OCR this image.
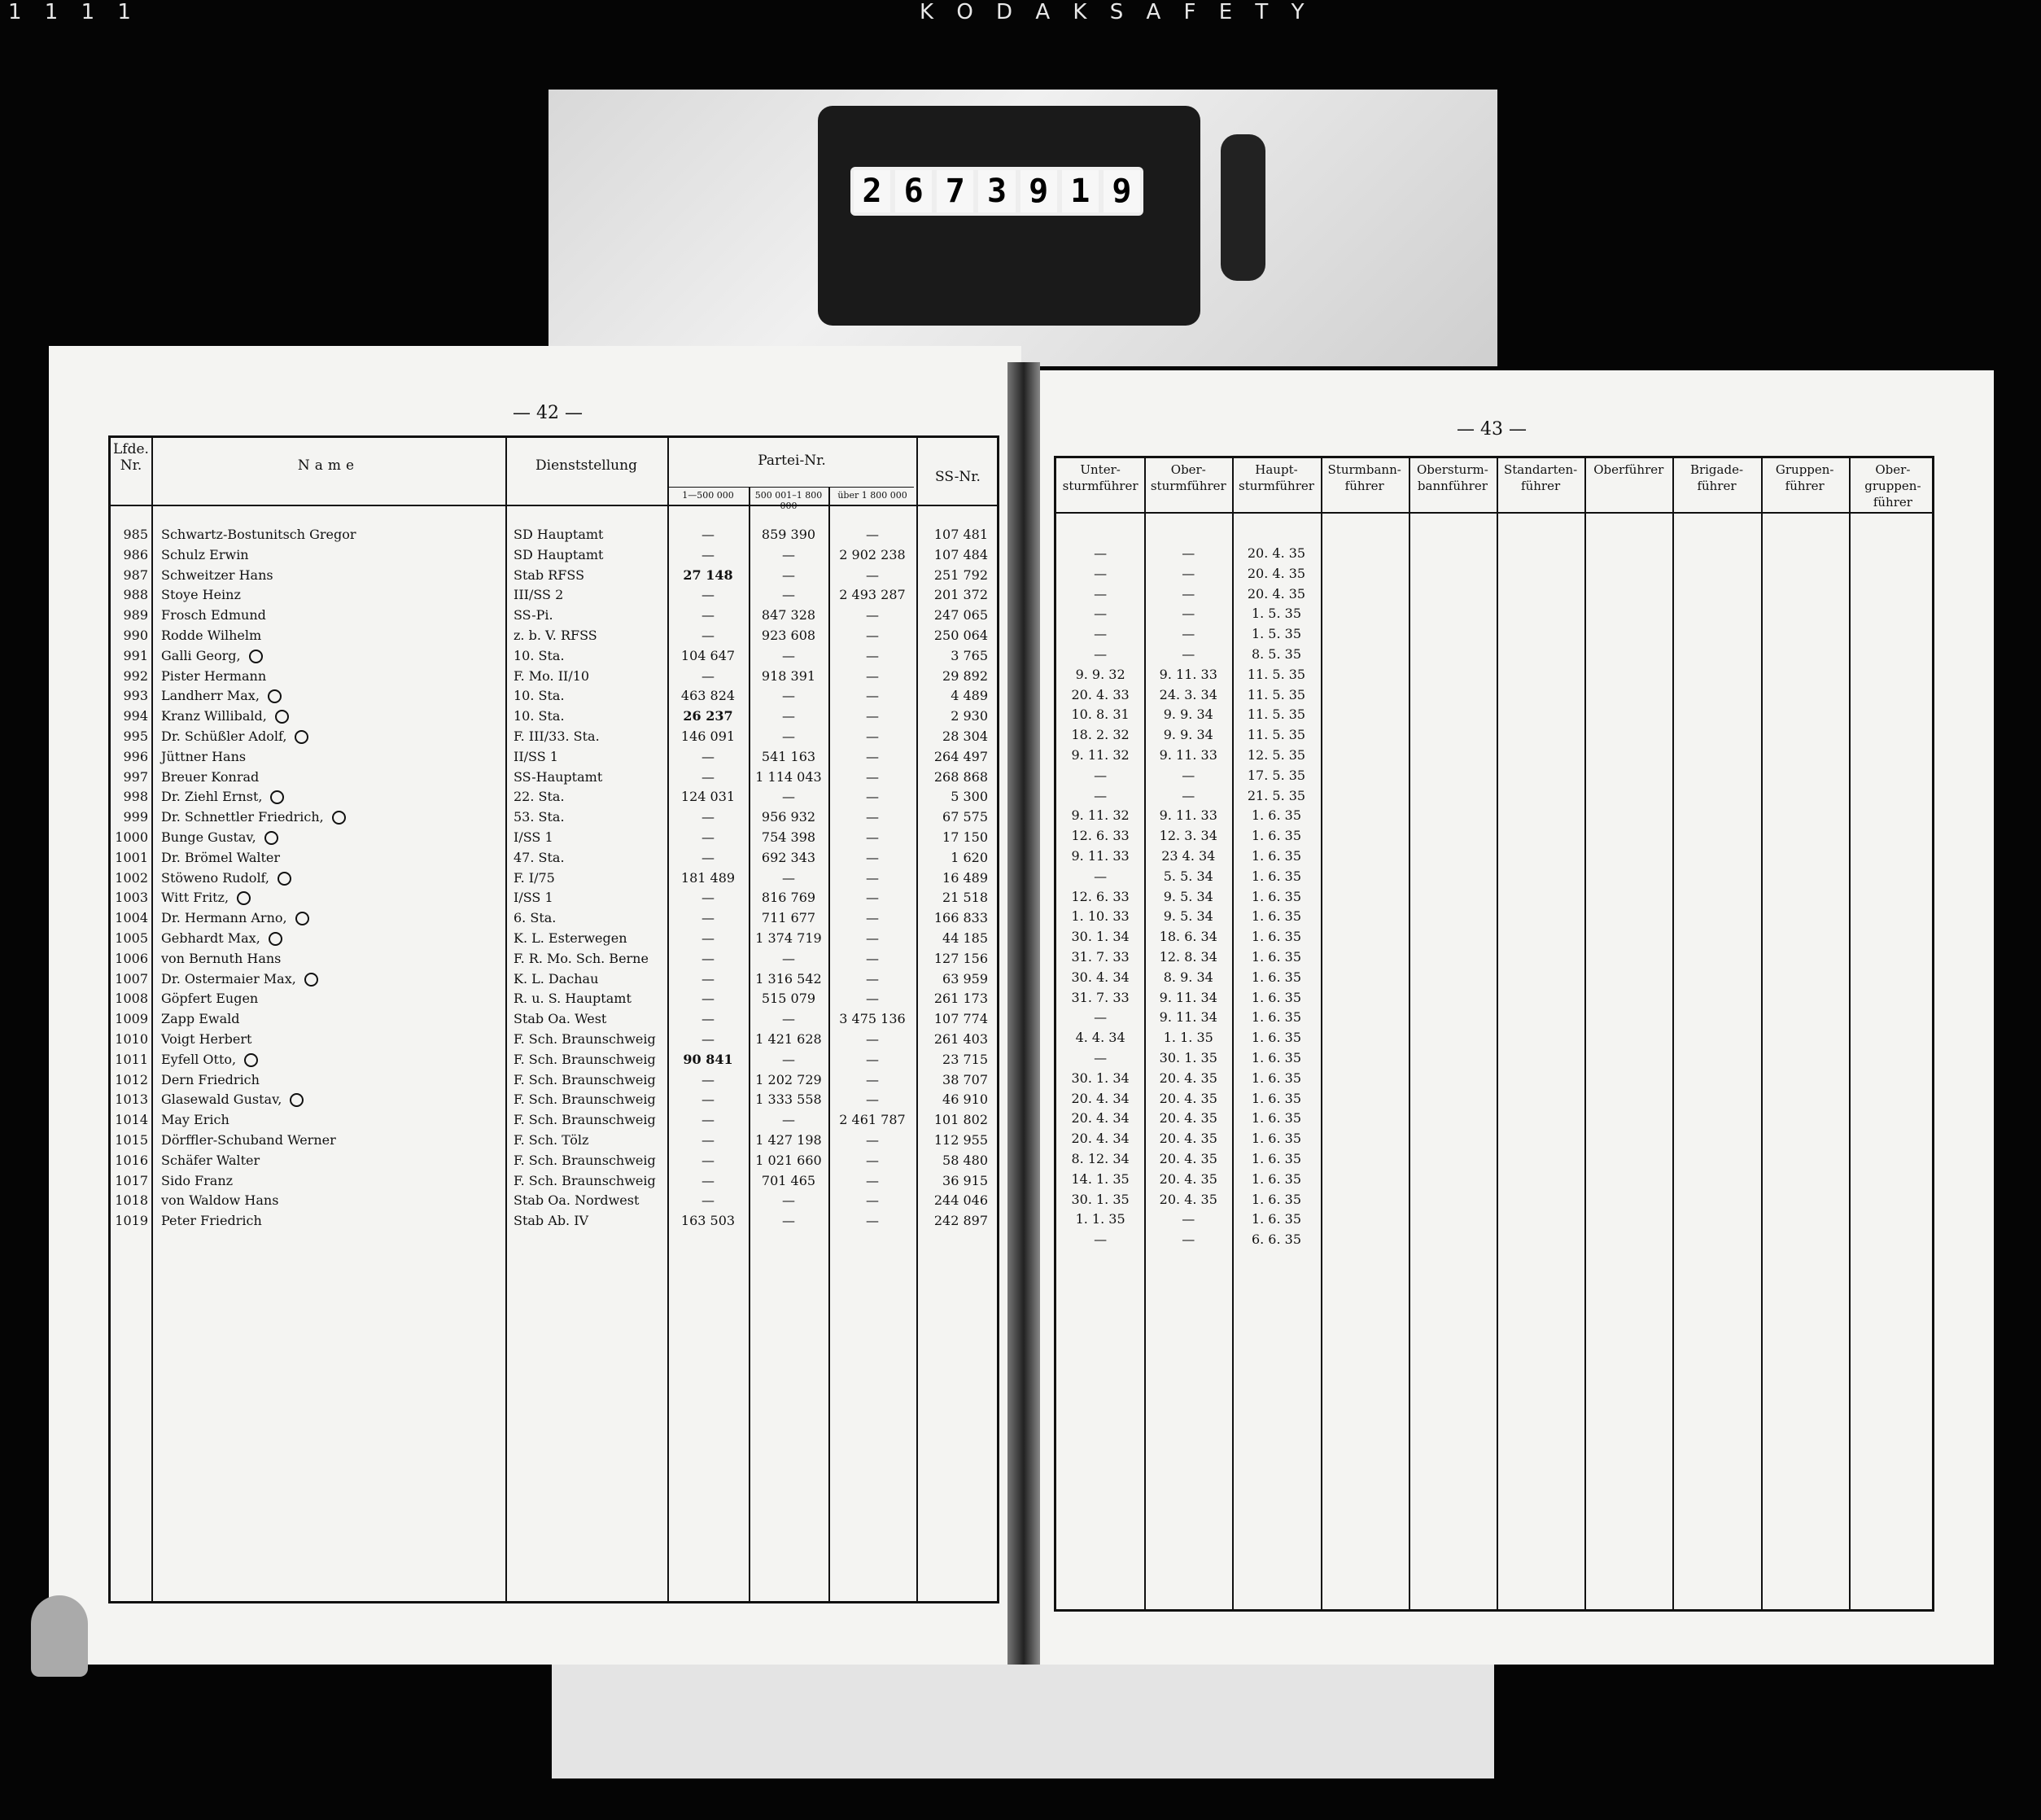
1 1 1 1	K O D A K S A F E T Y
2 6 7 3 9 1 9
— 42 —
Lfde. Nr.	Name	Dienststellung	Partei-Nr.
1—500 000	500 001–1 800 000
über 1 800 000
SS-Nr.
985 Schwartz-Bostunitsch Gregor	SD Hauptamt	—	859 390	—	107 481
986 Schulz Erwin	SD Hauptamt	—	—	2 902 238	107 484
987 Schweitzer Hans	Stab RFSS	27 148	—	—	251 792
988 Stoye Heinz	III/SS 2	—	—	2 493 287	201 372
989 Frosch Edmund	SS-Pi.	—	847 328	—	247 065
990 Rodde Wilhelm	z. b. V. RFSS	—	923 608	—	250 064
991 Galli Georg,	10. Sta.	104 647	—	—	3 765
992 Pister Hermann	F. Mo. II/10	—	918 391	—	29 892
993 Landherr Max,	10. Sta.	463 824	—	—	4 489
994 Kranz Willibald,	10. Sta.	26 237	—	—	2 930
995 Dr. Schüßler Adolf,	F. III/33. Sta.	146 091	—	—	28 304
996 Jüttner Hans	II/SS 1	—	541 163	—	264 497
997 Breuer Konrad	SS-Hauptamt	—	1 114 043	—	268 868
998 Dr. Ziehl Ernst,	22. Sta.	124 031	—	—	5 300
999 Dr. Schnettler Friedrich,	53. Sta.	—	956 932	—	67 575
1000 Bunge Gustav,	I/SS 1	—	754 398	—	17 150
1001 Dr. Brömel Walter	47. Sta.	—	692 343	—	1 620
1002 Stöweno Rudolf,	F. I/75	181 489	—	—	16 489
1003 Witt Fritz,	I/SS 1	—	816 769	—	21 518
1004 Dr. Hermann Arno,	6. Sta.	—	711 677	—	166 833
1005 Gebhardt Max,	K. L. Esterwegen	—	1 374 719	—	44 185
1006 von Bernuth Hans	F. R. Mo. Sch. Berne	—	—	—	127 156
1007 Dr. Ostermaier Max,	K. L. Dachau	—	1 316 542	—	63 959
1008 Göpfert Eugen	R. u. S. Hauptamt	—	515 079	—	261 173
1009 Zapp Ewald	Stab Oa. West	—	—	3 475 136	107 774
1010 Voigt Herbert	F. Sch. Braunschweig	—	1 421 628	—	261 403
1011 Eyfell Otto,	F. Sch. Braunschweig	90 841	—	—	23 715
1012 Dern Friedrich	F. Sch. Braunschweig	—	1 202 729	—	38 707
1013 Glasewald Gustav,	F. Sch. Braunschweig	—	1 333 558	—	46 910
1014 May Erich	F. Sch. Braunschweig	—	—	2 461 787	101 802
1015 Dörffler-Schuband Werner	F. Sch. Tölz	—	1 427 198	—	112 955
1016 Schäfer Walter	F. Sch. Braunschweig	—	1 021 660	—	58 480
1017 Sido Franz	F. Sch. Braunschweig	—	701 465	—	36 915
1018 von Waldow Hans	Stab Oa. Nordwest	—	—	—	244 046
1019 Peter Friedrich	Stab Ab. IV	163 503	—	—	242 897
— 43 —
Unter-
sturmführer
Ober-
sturmführer
Haupt-
sturmführer
Sturmbann-
führer
Obersturm-
bannführer
Standarten-
führer
Oberführer	Brigade-
führer
Gruppen-
führer
Ober-
gruppen-
führer
—	—	20. 4. 35
—	—	20. 4. 35
—	—	20. 4. 35
—	—	1. 5. 35
—	—	1. 5. 35
—	—	8. 5. 35
9. 9. 32	9. 11. 33	11. 5. 35
20. 4. 33	24. 3. 34	11. 5. 35
10. 8. 31	9. 9. 34	11. 5. 35
18. 2. 32	9. 9. 34	11. 5. 35
9. 11. 32	9. 11. 33	12. 5. 35
—	—	17. 5. 35
—	—	21. 5. 35
9. 11. 32	9. 11. 33	1. 6. 35
12. 6. 33	12. 3. 34	1. 6. 35
9. 11. 33	23 4. 34	1. 6. 35
—	5. 5. 34	1. 6. 35
12. 6. 33	9. 5. 34	1. 6. 35
1. 10. 33	9. 5. 34	1. 6. 35
30. 1. 34	18. 6. 34	1. 6. 35
31. 7. 33	12. 8. 34	1. 6. 35
30. 4. 34	8. 9. 34	1. 6. 35
31. 7. 33	9. 11. 34	1. 6. 35
—	9. 11. 34	1. 6. 35
4. 4. 34	1. 1. 35	1. 6. 35
—	30. 1. 35	1. 6. 35
30. 1. 34	20. 4. 35	1. 6. 35
20. 4. 34	20. 4. 35	1. 6. 35
20. 4. 34	20. 4. 35	1. 6. 35
20. 4. 34	20. 4. 35	1. 6. 35
8. 12. 34	20. 4. 35	1. 6. 35
14. 1. 35	20. 4. 35	1. 6. 35
30. 1. 35	20. 4. 35	1. 6. 35
1. 1. 35	—	1. 6. 35
—	—	6. 6. 35
